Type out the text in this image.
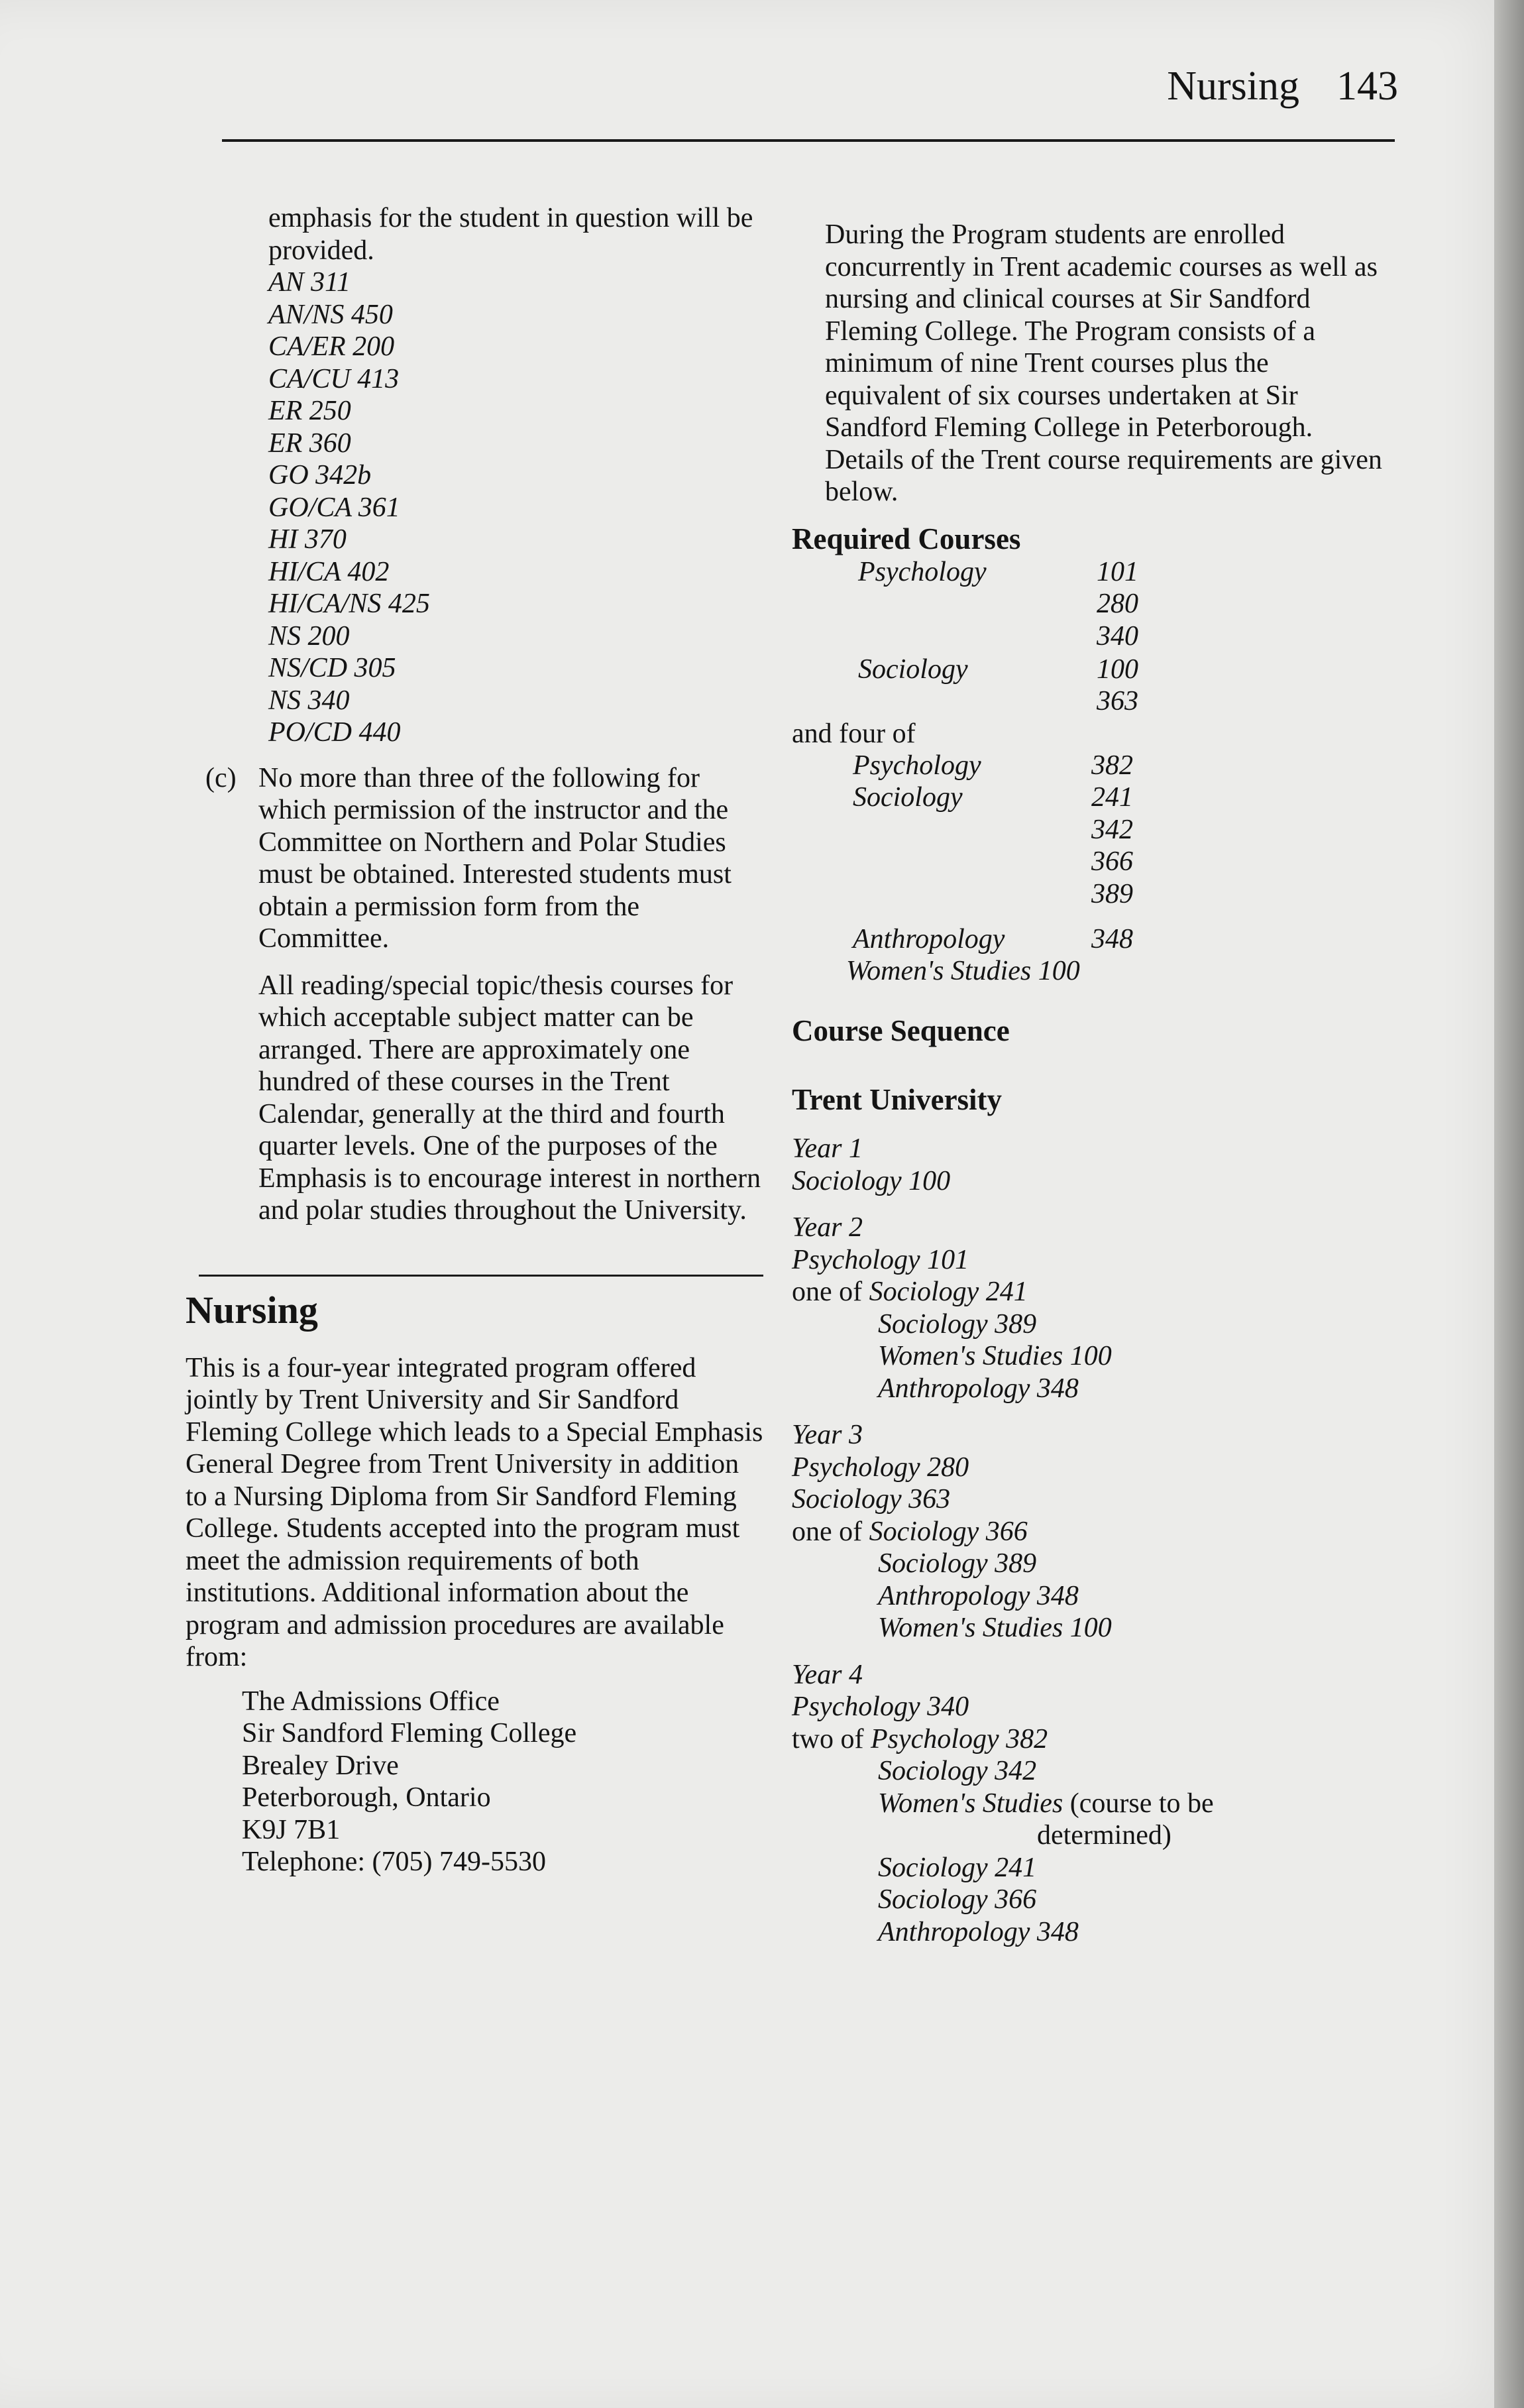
Nursing 143

emphasis for the student in question will be provided.

AN 311
AN/NS 450
CA/ER 200
CA/CU 413
ER 250
ER 360
GO 342b
GO/CA 361
HI 370
HI/CA 402
HI/CA/NS 425
NS 200
NS/CD 305
NS 340
PO/CD 440
(c) No more than three of the following for which permission of the instructor and the Committee on Northern and Polar Studies must be obtained. Interested students must obtain a permission form from the Committee.

All reading/special topic/thesis courses for which acceptable subject matter can be arranged. There are approximately one hundred of these courses in the Trent Calendar, generally at the third and fourth quarter levels. One of the purposes of the Emphasis is to encourage interest in northern and polar studies throughout the University.

Nursing

This is a four-year integrated program offered jointly by Trent University and Sir Sandford Fleming College which leads to a Special Emphasis General Degree from Trent University in addition to a Nursing Diploma from Sir Sandford Fleming College. Students accepted into the program must meet the admission requirements of both institutions. Additional information about the program and admission procedures are available from:

The Admissions Office
Sir Sandford Fleming College
Brealey Drive
Peterborough, Ontario
K9J 7B1
Telephone: (705) 749-5530

During the Program students are enrolled concurrently in Trent academic courses as well as nursing and clinical courses at Sir Sandford Fleming College. The Program consists of a minimum of nine Trent courses plus the equivalent of six courses undertaken at Sir Sandford Fleming College in Peterborough. Details of the Trent course requirements are given below.

Required Courses
Psychology	101
280
340
Sociology	100
363

and four of

Psychology	382
Sociology	241
342
366
389
Anthropology	348
Women's Studies 100
Course Sequence
Trent University
Year 1
Sociology 100
Year 2
Psychology 101
one of Sociology 241
Sociology 389
Women's Studies 100
Anthropology 348
Year 3
Psychology 280
Sociology 363
one of Sociology 366
Sociology 389
Anthropology 348
Women's Studies 100
Year 4
Psychology 340
two of Psychology 382
Sociology 342
Women's Studies (course to be
determined)
Sociology 241
Sociology 366
Anthropology 348
